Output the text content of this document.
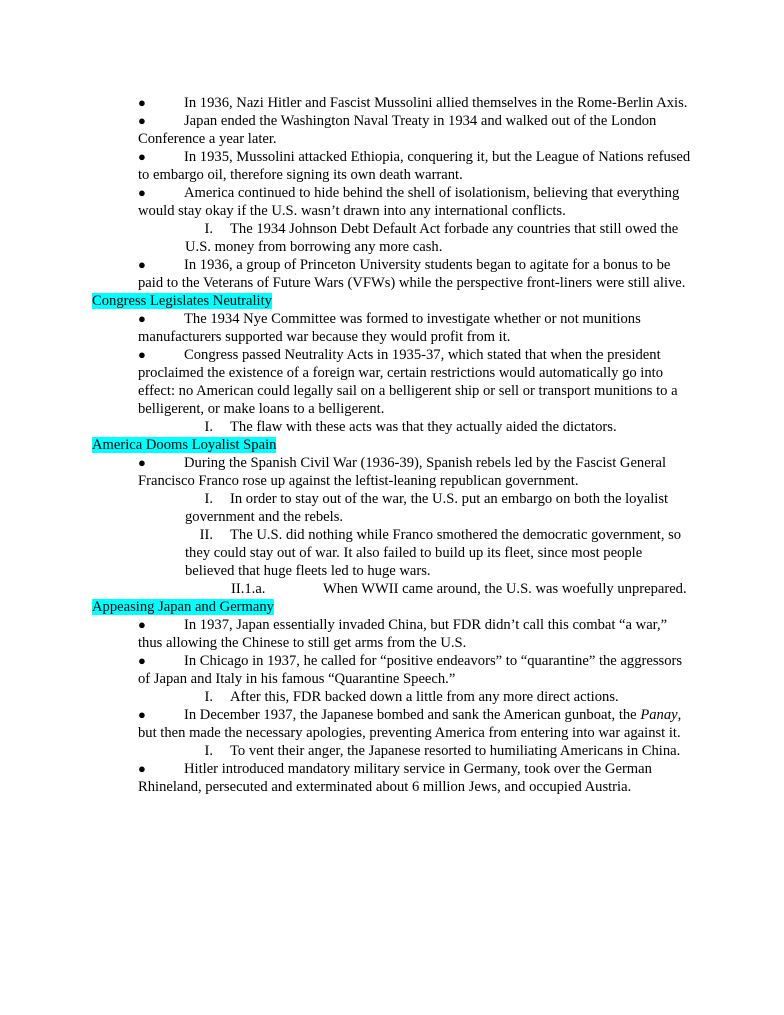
●	In 1936, Nazi Hitler and Fascist Mussolini allied themselves in the Rome-Berlin Axis.
●	Japan ended the Washington Naval Treaty in 1934 and walked out of the London Conference a year later.
●	In 1935, Mussolini attacked Ethiopia, conquering it, but the League of Nations refused to embargo oil, therefore signing its own death warrant.
●	America continued to hide behind the shell of isolationism, believing that everything would stay okay if the U.S. wasn’t drawn into any international conflicts.
I. The 1934 Johnson Debt Default Act forbade any countries that still owed the U.S. money from borrowing any more cash.
●	In 1936, a group of Princeton University students began to agitate for a bonus to be paid to the Veterans of Future Wars (VFWs) while the perspective front-liners were still alive.
Congress Legislates Neutrality
●	The 1934 Nye Committee was formed to investigate whether or not munitions manufacturers supported war because they would profit from it.
●	Congress passed Neutrality Acts in 1935-37, which stated that when the president proclaimed the existence of a foreign war, certain restrictions would automatically go into effect: no American could legally sail on a belligerent ship or sell or transport munitions to a belligerent, or make loans to a belligerent.
I. The flaw with these acts was that they actually aided the dictators.
America Dooms Loyalist Spain
●	During the Spanish Civil War (1936-39), Spanish rebels led by the Fascist General Francisco Franco rose up against the leftist-leaning republican government.
I. In order to stay out of the war, the U.S. put an embargo on both the loyalist government and the rebels.
II. The U.S. did nothing while Franco smothered the democratic government, so they could stay out of war. It also failed to build up its fleet, since most people believed that huge fleets led to huge wars.
II.1.a.	When WWII came around, the U.S. was woefully unprepared.
Appeasing Japan and Germany
●	In 1937, Japan essentially invaded China, but FDR didn’t call this combat “a war,” thus allowing the Chinese to still get arms from the U.S.
●	In Chicago in 1937, he called for “positive endeavors” to “quarantine” the aggressors of Japan and Italy in his famous “Quarantine Speech.”
I. After this, FDR backed down a little from any more direct actions.
●	In December 1937, the Japanese bombed and sank the American gunboat, the Panay, but then made the necessary apologies, preventing America from entering into war against it.
I. To vent their anger, the Japanese resorted to humiliating Americans in China.
●	Hitler introduced mandatory military service in Germany, took over the German Rhineland, persecuted and exterminated about 6 million Jews, and occupied Austria.
